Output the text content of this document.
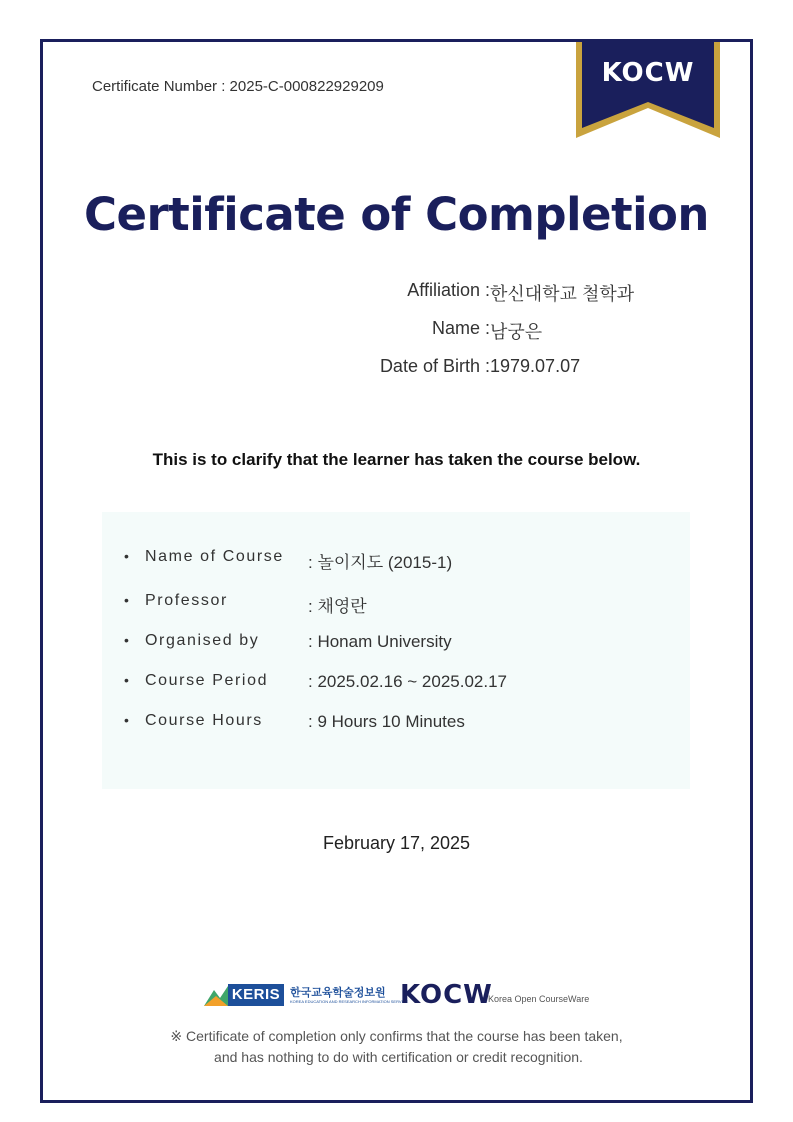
Certificate Number : 2025-C-000822929209	KOCW
Certificate of Completion
Affiliation : 한신대학교 철학과
Name : 남궁은
Date of Birth : 1979.07.07
This is to clarify that the learner has taken the course below.
• Name of Course : 놀이지도 (2015-1)
• Professor	: 채영란
• Organised by	: Honam University
• Course Period : 2025.02.16 ~ 2025.02.17
• Course Hours	: 9 Hours 10 Minutes
February 17, 2025
KERIS 한국교육학술정보원
KOREA EDUCATION AND RESEARCH INFORMATION SERVICE
KOCW
Korea Open CourseWare
※ Certificate of completion only confirms that the course has been taken,
and has nothing to do with certification or credit recognition.
